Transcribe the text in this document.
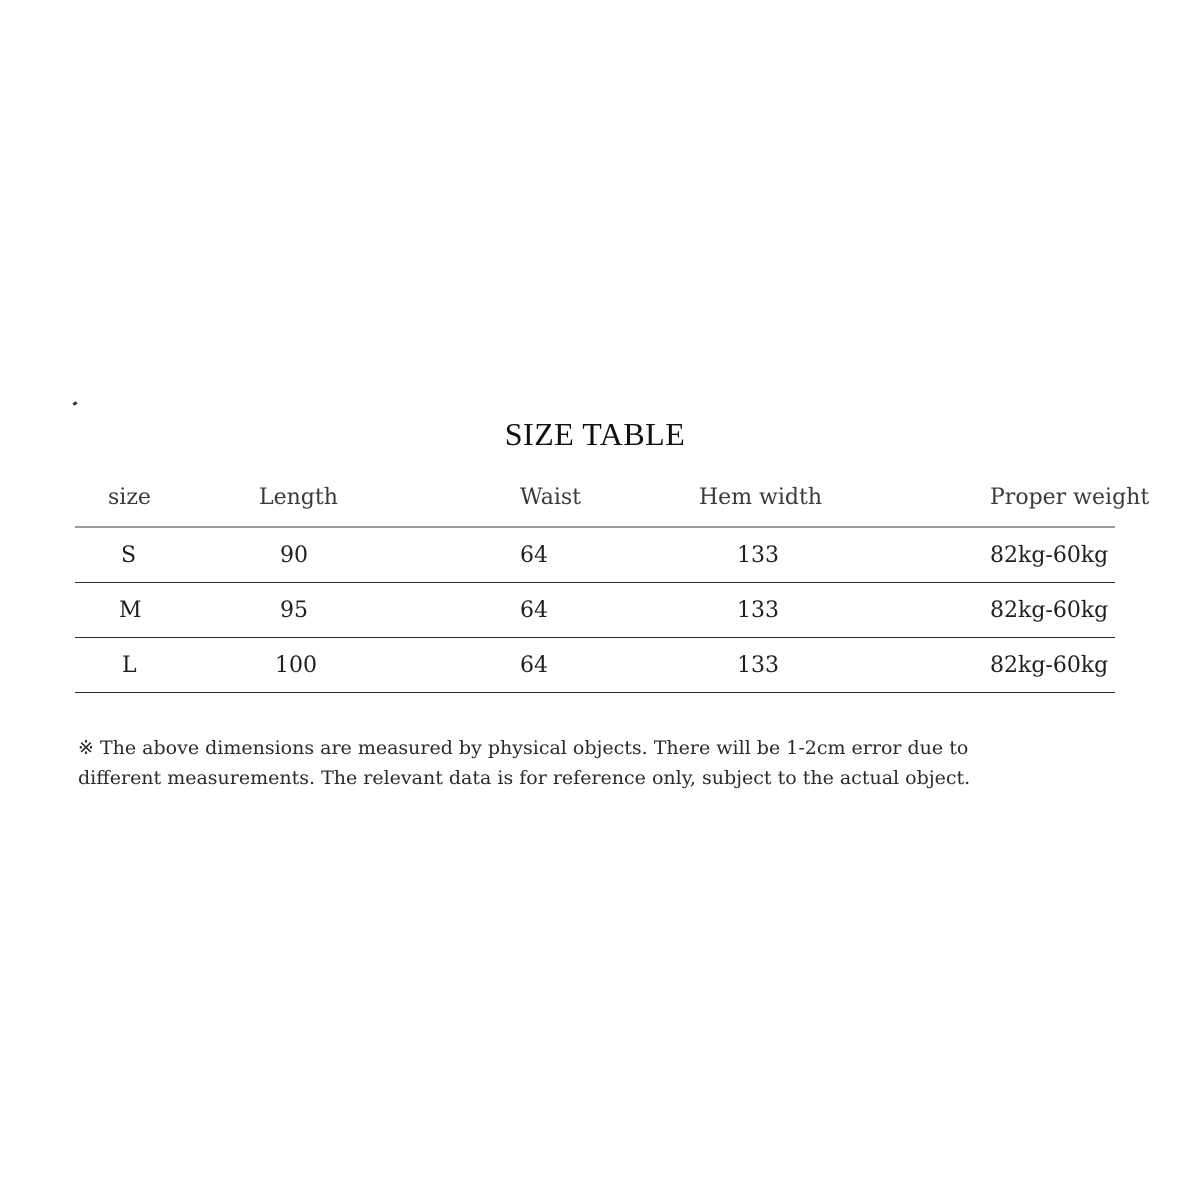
SIZE TABLE
size	Length	Waist	Hem width	Proper weight
S	90	64	133	82kg-60kg
M	95	64	133	82kg-60kg
L	100	64	133	82kg-60kg
※ The above dimensions are measured by physical objects. There will be 1-2cm error due to
different measurements. The relevant data is for reference only, subject to the actual object.
